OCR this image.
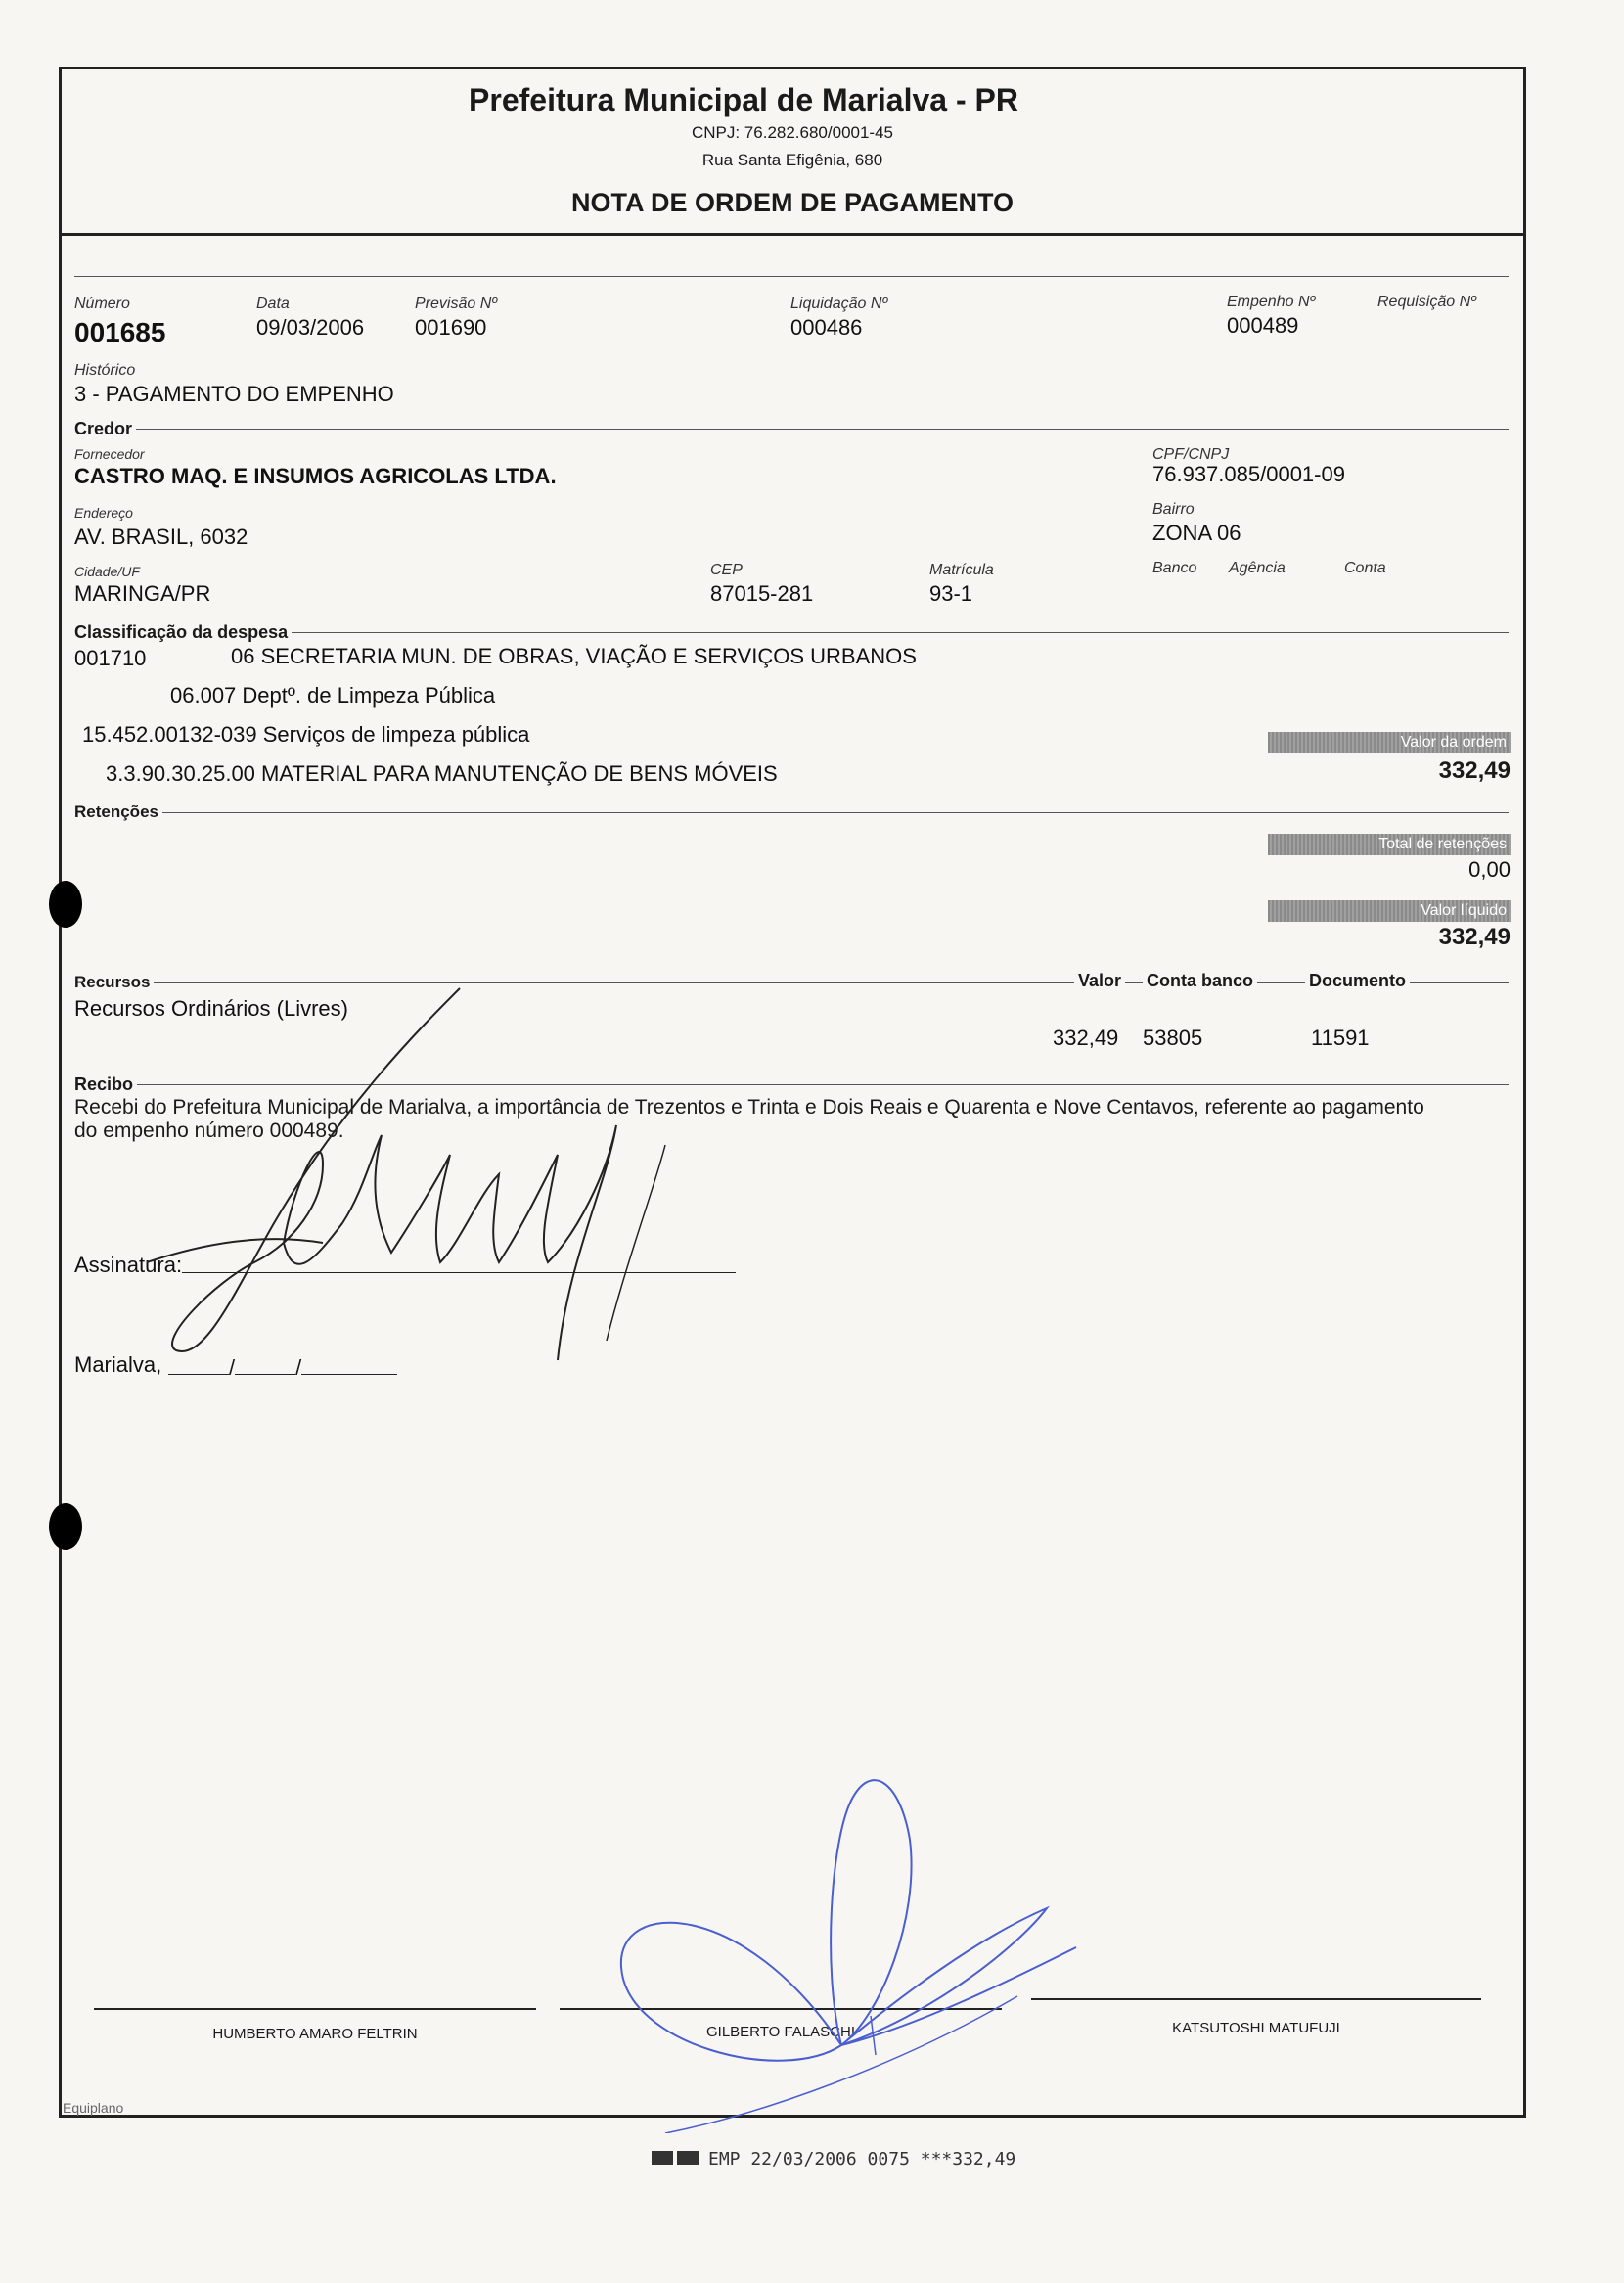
Prefeitura Municipal de Marialva - PR
CNPJ: 76.282.680/0001-45
Rua Santa Efigênia, 680
NOTA DE ORDEM DE PAGAMENTO
Número
001685
Data
09/03/2006
Previsão Nº
001690
Liquidação Nº
000486
Empenho Nº
000489
Requisição Nº
Histórico
3 - PAGAMENTO DO EMPENHO
Credor
Fornecedor
CASTRO MAQ. E INSUMOS AGRICOLAS LTDA.
CPF/CNPJ
76.937.085/0001-09
Endereço
AV. BRASIL, 6032
Bairro
ZONA 06
Cidade/UF
MARINGA/PR
CEP
87015-281
Matrícula
93-1
Banco Agência	Conta
Classificação da despesa
001710	06 SECRETARIA MUN. DE OBRAS, VIAÇÃO E SERVIÇOS URBANOS
06.007 Deptº. de Limpeza Pública
15.452.00132-039 Serviços de limpeza pública
3.3.90.30.25.00 MATERIAL PARA MANUTENÇÃO DE BENS MÓVEIS
Valor da ordem
332,49
Retenções
Total de retenções
0,00
Valor líquido
332,49
Recursos	Valor Conta banco	Documento
Recursos Ordinários (Livres)
332,49 53805	11591
Recibo
Recebi do Prefeitura Municipal de Marialva, a importância de Trezentos e Trinta e Dois Reais e Quarenta e Nove Centavos, referente ao pagamento do empenho número 000489.
Assinatura:
Marialva,	/	/
HUMBERTO AMARO FELTRIN	GILBERTO FALASCHI	KATSUTOSHI MATUFUJI
Equiplano
EMP 22/03/2006 0075 ***332,49
